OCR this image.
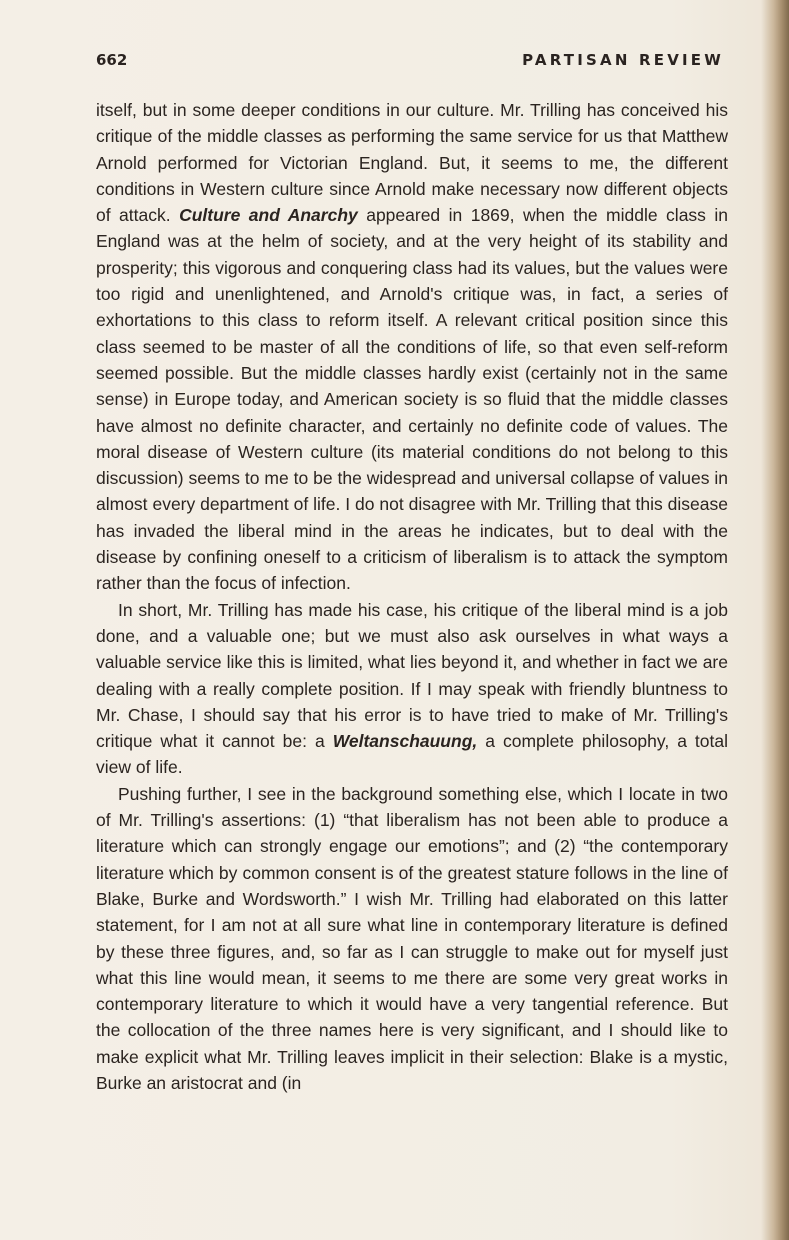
662	PARTISAN REVIEW

itself, but in some deeper conditions in our culture. Mr. Trilling has conceived his critique of the middle classes as performing the same service for us that Matthew Arnold performed for Victorian England. But, it seems to me, the different conditions in Western culture since Arnold make necessary now different objects of attack. Culture and Anarchy appeared in 1869, when the middle class in England was at the helm of society, and at the very height of its stability and prosperity; this vigorous and conquering class had its values, but the values were too rigid and unenlightened, and Arnold's critique was, in fact, a series of exhortations to this class to reform itself. A relevant critical position since this class seemed to be master of all the conditions of life, so that even self-reform seemed possible. But the middle classes hardly exist (certainly not in the same sense) in Europe today, and American society is so fluid that the middle classes have almost no definite character, and certainly no definite code of values. The moral disease of Western culture (its material conditions do not belong to this discussion) seems to me to be the widespread and universal collapse of values in almost every department of life. I do not disagree with Mr. Trilling that this disease has invaded the liberal mind in the areas he indicates, but to deal with the disease by confining oneself to a criticism of liberalism is to attack the symptom rather than the focus of infection.

In short, Mr. Trilling has made his case, his critique of the liberal mind is a job done, and a valuable one; but we must also ask ourselves in what ways a valuable service like this is limited, what lies beyond it, and whether in fact we are dealing with a really complete position. If I may speak with friendly bluntness to Mr. Chase, I should say that his error is to have tried to make of Mr. Trilling's critique what it cannot be: a Weltanschauung, a complete philosophy, a total view of life.

Pushing further, I see in the background something else, which I locate in two of Mr. Trilling's assertions: (1) “that liberalism has not been able to produce a literature which can strongly engage our emotions”; and (2) “the contemporary literature which by common consent is of the greatest stature follows in the line of Blake, Burke and Wordsworth.” I wish Mr. Trilling had elaborated on this latter statement, for I am not at all sure what line in contemporary literature is defined by these three figures, and, so far as I can struggle to make out for myself just what this line would mean, it seems to me there are some very great works in contemporary literature to which it would have a very tangential reference. But the collocation of the three names here is very significant, and I should like to make explicit what Mr. Trilling leaves implicit in their selection: Blake is a mystic, Burke an aristocrat and (in
